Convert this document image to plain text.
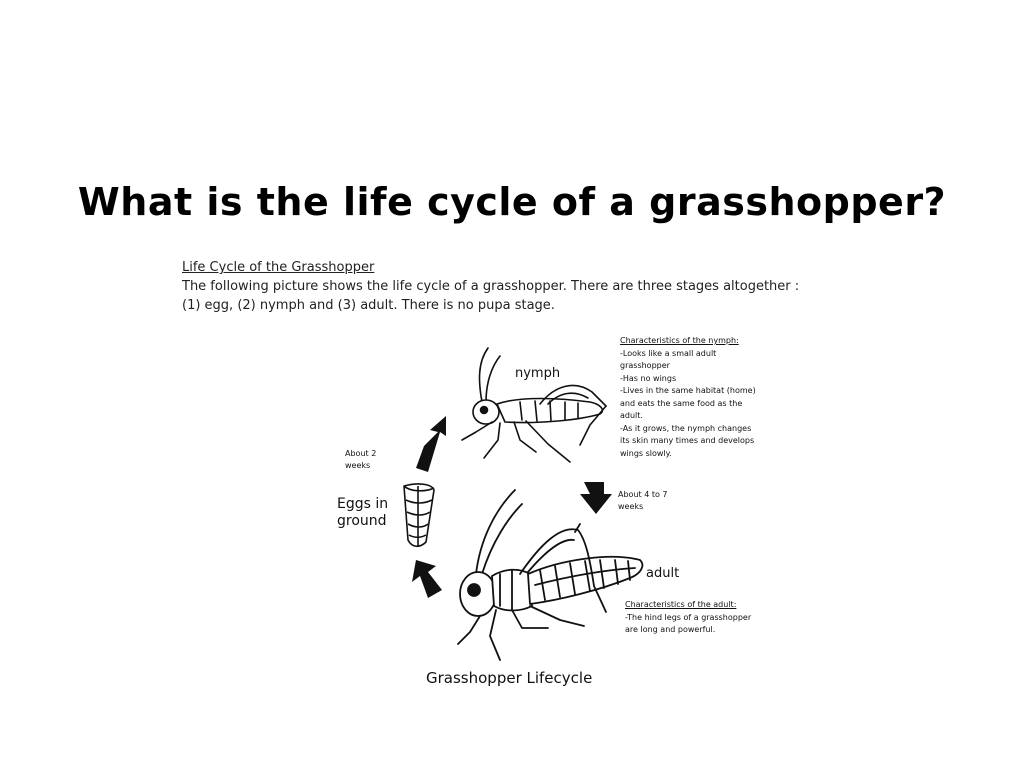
What is the life cycle of a grasshopper?
Life Cycle of the Grasshopper
The following picture shows the life cycle of a grasshopper. There are three stages altogether :
(1) egg, (2) nymph and (3) adult. There is no pupa stage.
nymph
adult
Eggs in
ground
About 2
weeks
About 4 to 7
weeks
Characteristics of the nymph:
-Looks like a small adult
grasshopper
-Has no wings
-Lives in the same habitat (home)
and eats the same food as the
adult.
-As it grows, the nymph changes
its skin many times and develops
wings slowly.
Characteristics of the adult:
-The hind legs of a grasshopper
are long and powerful.
Grasshopper Lifecycle
